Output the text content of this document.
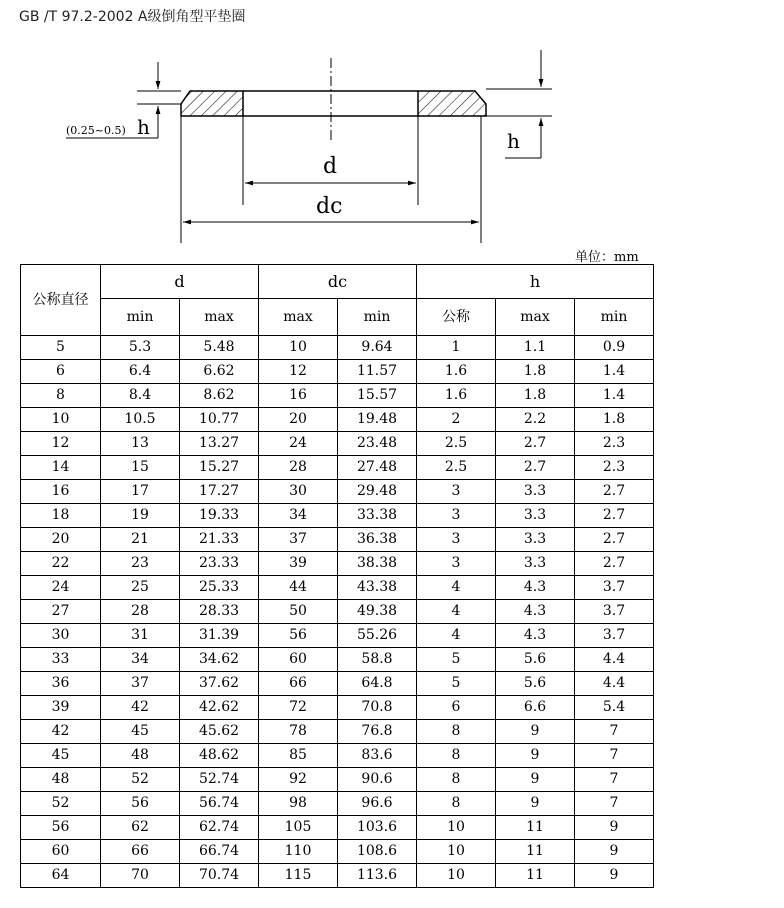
GB /T 97.2-2002 A级倒角型平垫圈
d
dc
(0.25~0.5) h
h
单位：mm
公称直径	d		dc		h		
	min	max	max	min	公称	max	min
5	5.3	5.48	10	9.64	1	1.1	0.9
6	6.4	6.62	12	11.57	1.6	1.8	1.4
8	8.4	8.62	16	15.57	1.6	1.8	1.4
10	10.5	10.77	20	19.48	2	2.2	1.8
12	13	13.27	24	23.48	2.5	2.7	2.3
14	15	15.27	28	27.48	2.5	2.7	2.3
16	17	17.27	30	29.48	3	3.3	2.7
18	19	19.33	34	33.38	3	3.3	2.7
20	21	21.33	37	36.38	3	3.3	2.7
22	23	23.33	39	38.38	3	3.3	2.7
24	25	25.33	44	43.38	4	4.3	3.7
27	28	28.33	50	49.38	4	4.3	3.7
30	31	31.39	56	55.26	4	4.3	3.7
33	34	34.62	60	58.8	5	5.6	4.4
36	37	37.62	66	64.8	5	5.6	4.4
39	42	42.62	72	70.8	6	6.6	5.4
42	45	45.62	78	76.8	8	9	7
45	48	48.62	85	83.6	8	9	7
48	52	52.74	92	90.6	8	9	7
52	56	56.74	98	96.6	8	9	7
56	62	62.74	105	103.6	10	11	9
60	66	66.74	110	108.6	10	11	9
64	70	70.74	115	113.6	10	11	9
